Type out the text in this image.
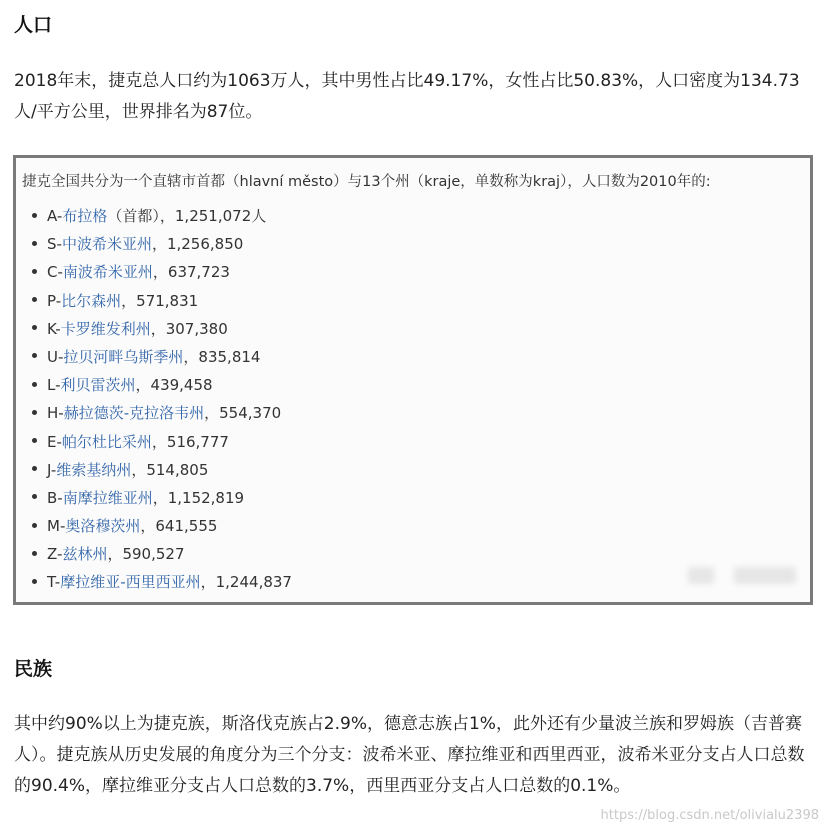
人口
2018年末，捷克总人口约为1063万人，其中男性占比49.17%，女性占比50.83%，人口密度为134.73人/平方公里，世界排名为87位。
捷克全国共分为一个直辖市首都（hlavní město）与13个州（kraje，单数称为kraj），人口数为2010年的:
A-布拉格（首都），1,251,072人
S-中波希米亚州，1,256,850
C-南波希米亚州，637,723
P-比尔森州，571,831
K-卡罗维发利州，307,380
U-拉贝河畔乌斯季州，835,814
L-利贝雷茨州，439,458
H-赫拉德茨-克拉洛韦州，554,370
E-帕尔杜比采州，516,777
J-维索基纳州，514,805
B-南摩拉维亚州，1,152,819
M-奥洛穆茨州，641,555
Z-兹林州，590,527
T-摩拉维亚-西里西亚州，1,244,837
民族
其中约90%以上为捷克族，斯洛伐克族占2.9%，德意志族占1%，此外还有少量波兰族和罗姆族（吉普赛人）。捷克族从历史发展的角度分为三个分支：波希米亚、摩拉维亚和西里西亚，波希米亚分支占人口总数的90.4%，摩拉维亚分支占人口总数的3.7%，西里西亚分支占人口总数的0.1%。
https://blog.csdn.net/olivialu2398
